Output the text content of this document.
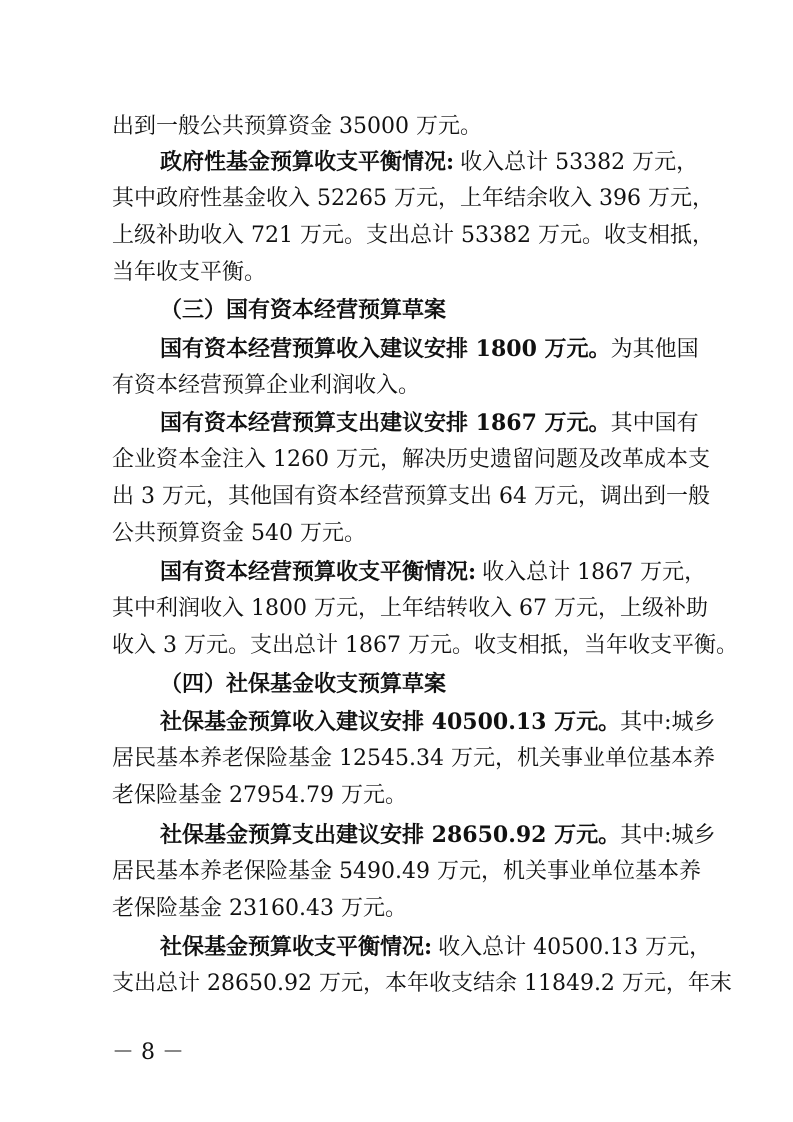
出到一般公共预算资金 35000 万元。
政府性基金预算收支平衡情况: 收入总计 53382 万元，
其中政府性基金收入 52265 万元，上年结余收入 396 万元，
上级补助收入 721 万元。支出总计 53382 万元。收支相抵，
当年收支平衡。
（三）国有资本经营预算草案
国有资本经营预算收入建议安排 1800 万元。为其他国
有资本经营预算企业利润收入。
国有资本经营预算支出建议安排 1867 万元。其中国有
企业资本金注入 1260 万元，解决历史遗留问题及改革成本支
出 3 万元，其他国有资本经营预算支出 64 万元，调出到一般
公共预算资金 540 万元。
国有资本经营预算收支平衡情况: 收入总计 1867 万元，
其中利润收入 1800 万元，上年结转收入 67 万元，上级补助
收入 3 万元。支出总计 1867 万元。收支相抵，当年收支平衡。
（四）社保基金收支预算草案
社保基金预算收入建议安排 40500.13 万元。其中:城乡
居民基本养老保险基金 12545.34 万元，机关事业单位基本养
老保险基金 27954.79 万元。
社保基金预算支出建议安排 28650.92 万元。其中:城乡
居民基本养老保险基金 5490.49 万元，机关事业单位基本养
老保险基金 23160.43 万元。
社保基金预算收支平衡情况: 收入总计 40500.13 万元，
支出总计 28650.92 万元，本年收支结余 11849.2 万元，年末
－ 8 －
